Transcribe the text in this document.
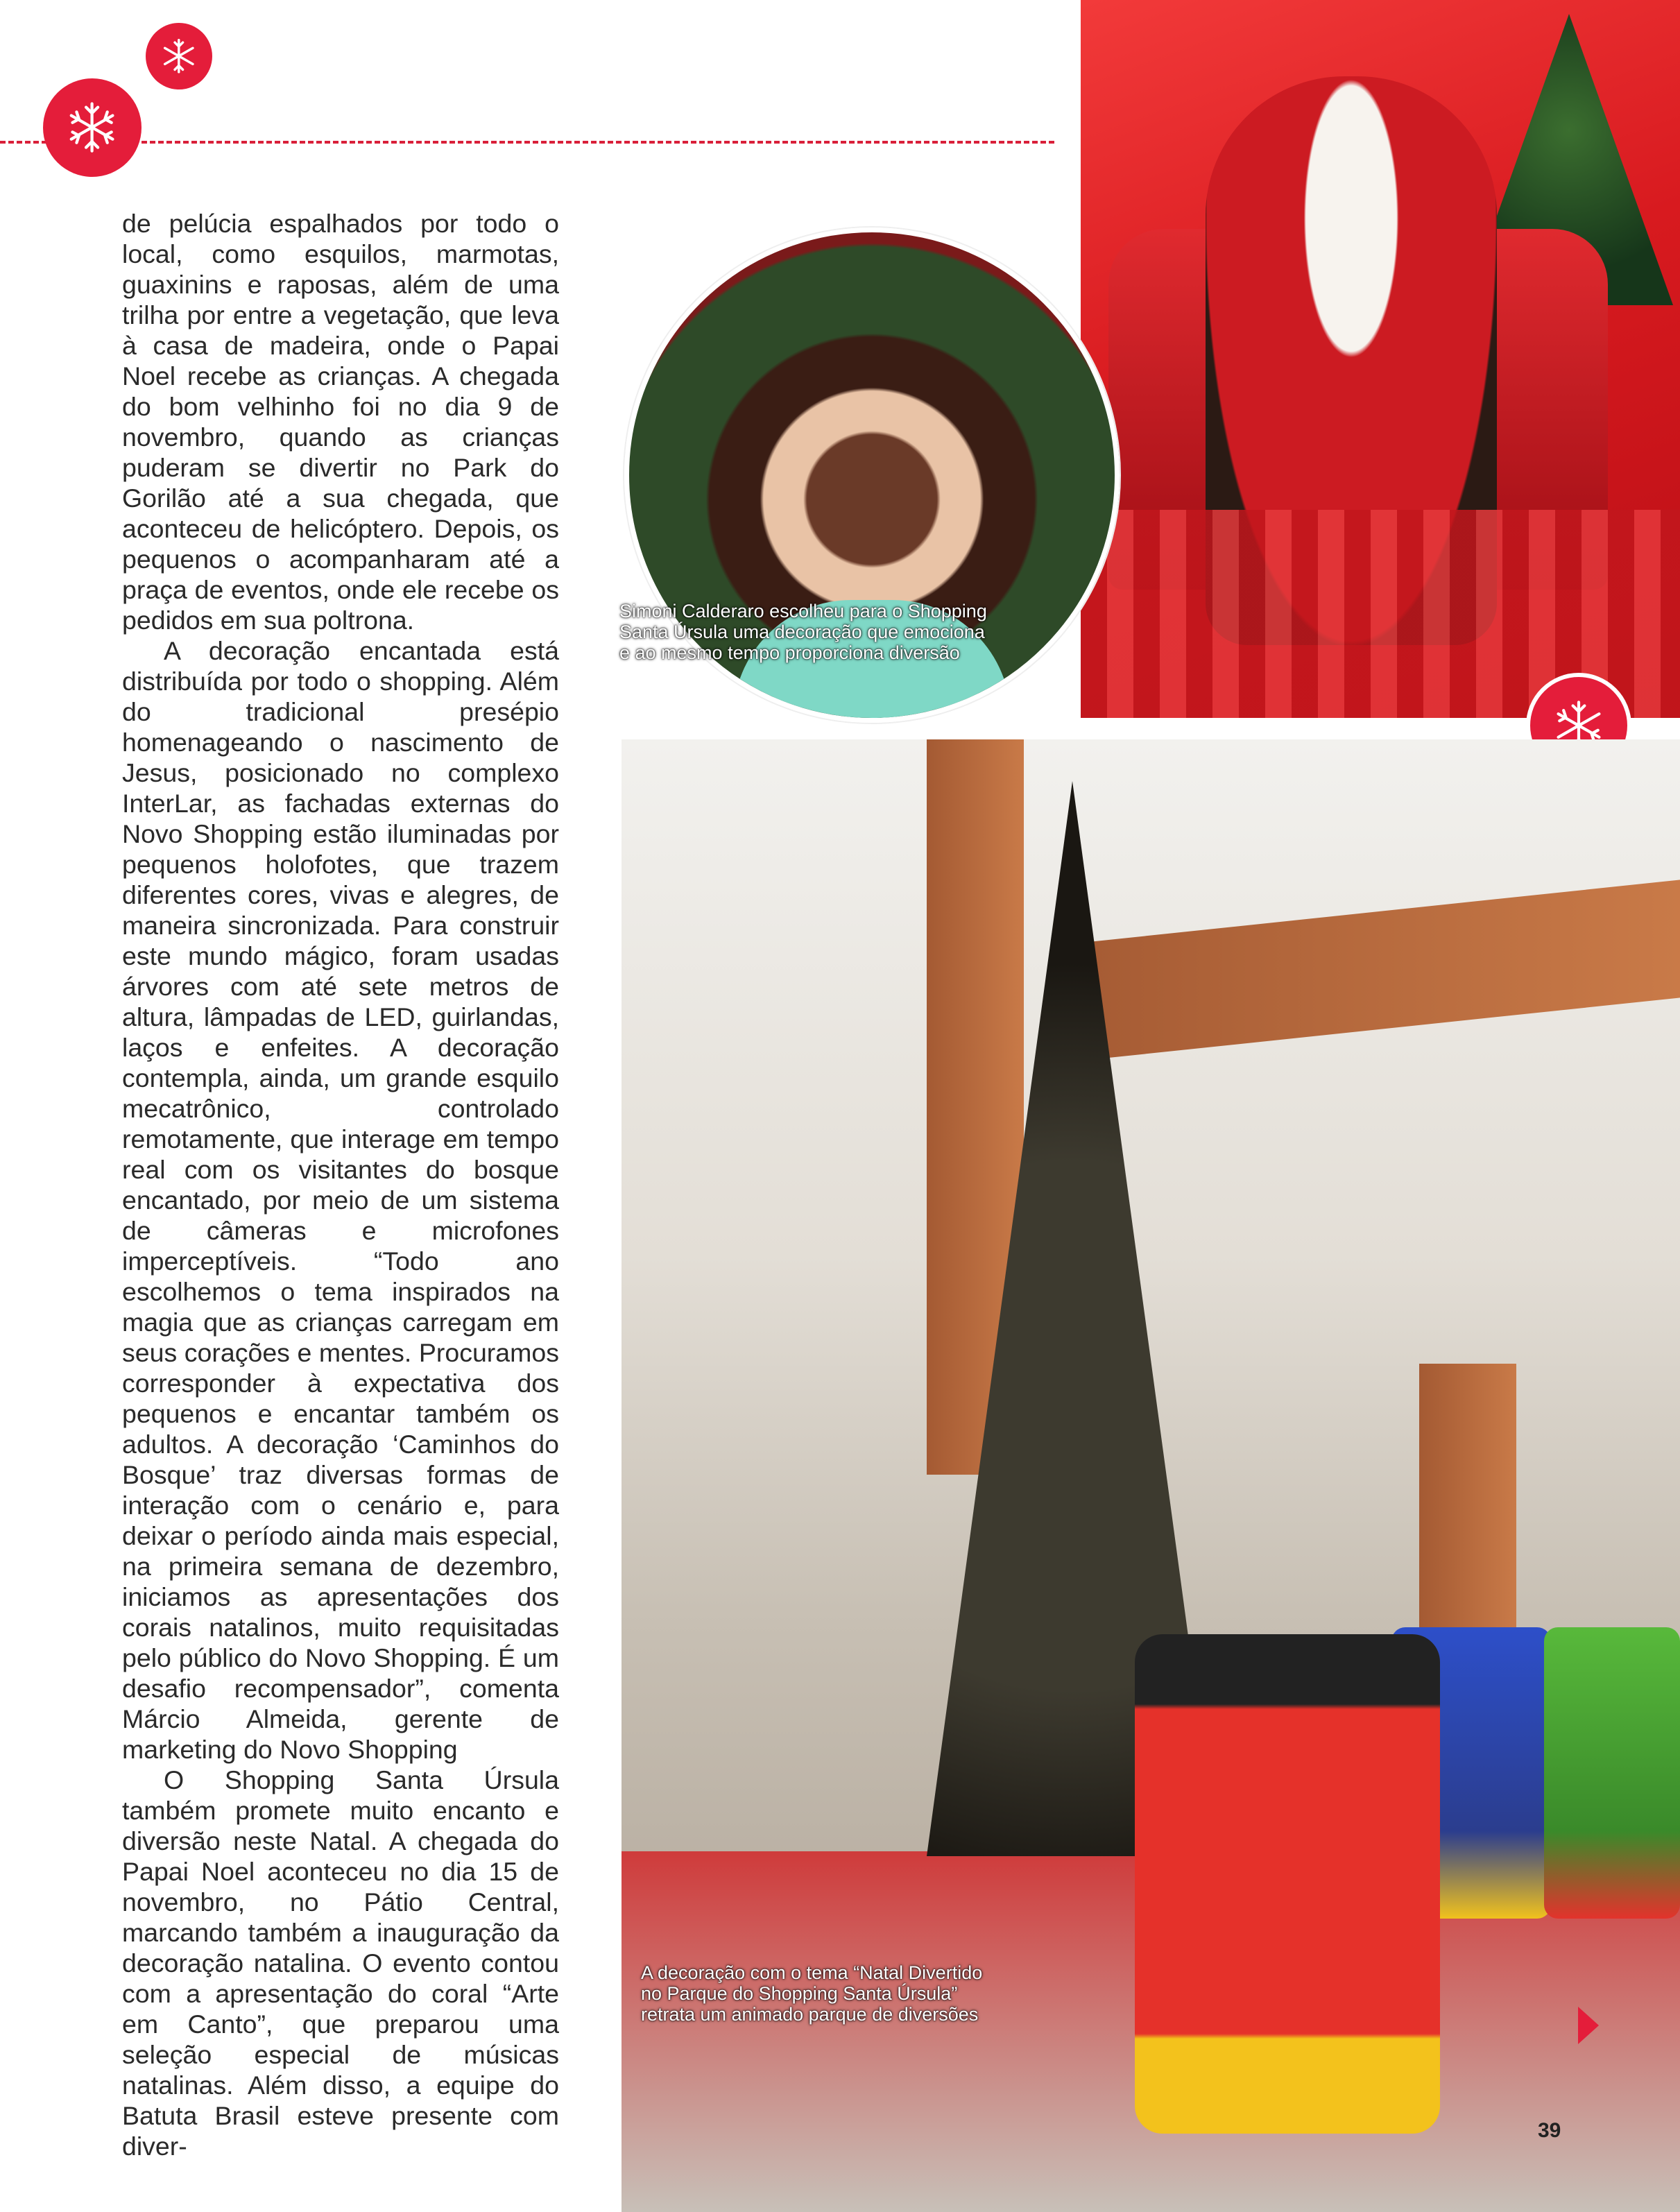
de pelúcia espalhados por todo o local, como esquilos, marmotas, guaxinins e raposas, além de uma trilha por entre a vegetação, que leva à casa de madeira, onde o Papai Noel recebe as crianças. A chegada do bom velhinho foi no dia 9 de novembro, quando as crianças puderam se divertir no Park do Gorilão até a sua chegada, que aconteceu de helicóptero. Depois, os pequenos o acompanharam até a praça de eventos, onde ele recebe os pedidos em sua poltrona.

A decoração encantada está distribuída por todo o shopping. Além do tradicional presépio homenageando o nascimento de Jesus, posicionado no complexo InterLar, as fachadas externas do Novo Shopping estão iluminadas por pequenos holofotes, que trazem diferentes cores, vivas e alegres, de maneira sincronizada. Para construir este mundo mágico, foram usadas árvores com até sete metros de altura, lâmpadas de LED, guirlandas, laços e enfeites. A decoração contempla, ainda, um grande esquilo mecatrônico, controlado remotamente, que interage em tempo real com os visitantes do bosque encantado, por meio de um sistema de câmeras e microfones imperceptíveis. “Todo ano escolhemos o tema inspirados na magia que as crianças carregam em seus corações e mentes. Procuramos corresponder à expectativa dos pequenos e encantar também os adultos. A decoração ‘Caminhos do Bosque’ traz diversas formas de interação com o cenário e, para deixar o período ainda mais especial, na primeira semana de dezembro, iniciamos as apresentações dos corais natalinos, muito requisitadas pelo público do Novo Shopping. É um desafio recompensador”, comenta Márcio Almeida, gerente de marketing do Novo Shopping

O Shopping Santa Úrsula também promete muito encanto e diversão neste Natal. A chegada do Papai Noel aconteceu no dia 15 de novembro, no Pátio Central, marcando também a inauguração da decoração natalina. O evento contou com a apresentação do coral “Arte em Canto”, que preparou uma seleção especial de músicas natalinas. Além disso, a equipe do Batuta Brasil esteve presente com diver-

Simoni Calderaro escolheu para o Shopping
Santa Úrsula uma decoração que emociona
e ao mesmo tempo proporciona diversão
A decoração com o tema “Natal Divertido
no Parque do Shopping Santa Úrsula”
retrata um animado parque de diversões
39
